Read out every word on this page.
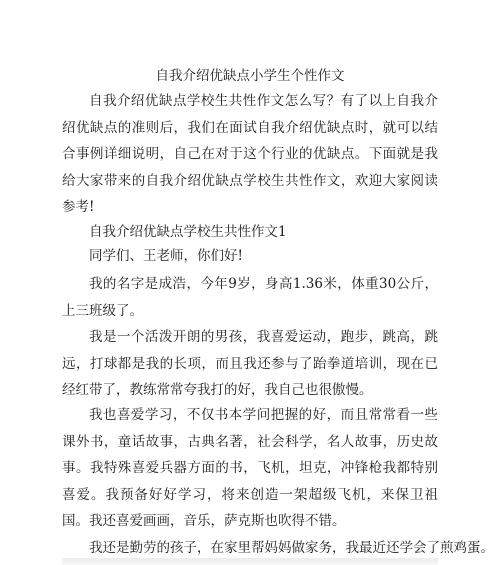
自我介绍优缺点小学生个性作文

自我介绍优缺点学校生共性作文怎么写？有了以上自我介绍优缺点的准则后，我们在面试自我介绍优缺点时，就可以结合事例详细说明，自己在对于这个行业的优缺点。下面就是我给大家带来的自我介绍优缺点学校生共性作文，欢迎大家阅读参考!

自我介绍优缺点学校生共性作文1

同学们、王老师，你们好!

我的名字是成浩，今年9岁，身高1.36米，体重30公斤，上三班级了。

我是一个活泼开朗的男孩，我喜爱运动，跑步，跳高，跳远，打球都是我的长项，而且我还参与了跆拳道培训，现在已经红带了，教练常常夸我打的好，我自己也很傲慢。

我也喜爱学习，不仅书本学问把握的好，而且常常看一些课外书，童话故事，古典名著，社会科学，名人故事，历史故事。我特殊喜爱兵器方面的书，飞机，坦克，冲锋枪我都特别喜爱。我预备好好学习，将来创造一架超级飞机，来保卫祖国。 我还喜爱画画，音乐，萨克斯也吹得不错。

我还是勤劳的孩子，在家里帮妈妈做家务，我最近还学会了煎鸡蛋。
